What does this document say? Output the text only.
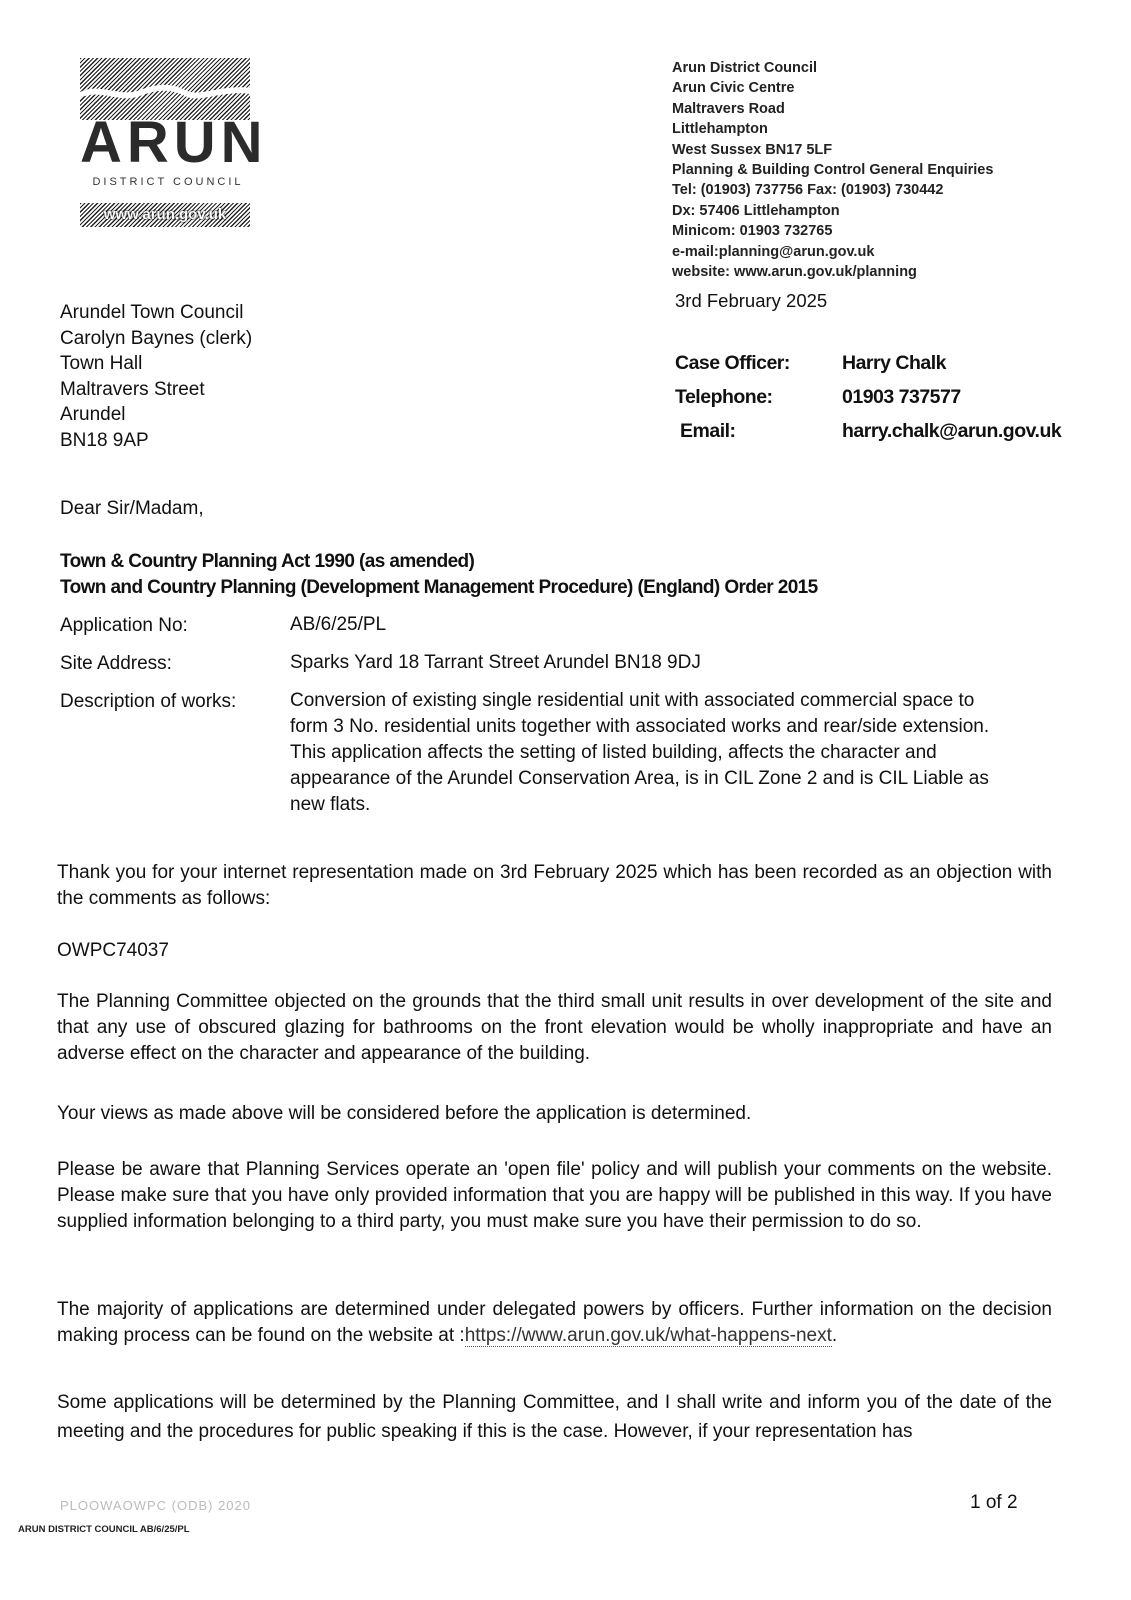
ARUN
DISTRICT COUNCIL
www.arun.gov.uk
Arun District Council
Arun Civic Centre
Maltravers Road
Littlehampton
West Sussex BN17 5LF
Planning & Building Control General Enquiries
Tel: (01903) 737756 Fax: (01903) 730442
Dx: 57406 Littlehampton
Minicom: 01903 732765
e-mail:planning@arun.gov.uk
website: www.arun.gov.uk/planning
3rd February 2025
Arundel Town Council
Carolyn Baynes (clerk)
Town Hall
Maltravers Street
Arundel
BN18 9AP
Case Officer:	Harry Chalk
Telephone:	01903 737577
Email:	harry.chalk@arun.gov.uk
Dear Sir/Madam,
Town & Country Planning Act 1990 (as amended)
Town and Country Planning (Development Management Procedure) (England) Order 2015
Application No:	AB/6/25/PL
Site Address:	Sparks Yard 18 Tarrant Street Arundel BN18 9DJ
Description of works:	Conversion of existing single residential unit with associated commercial space to
form 3 No. residential units together with associated works and rear/side extension.
This application affects the setting of listed building, affects the character and
appearance of the Arundel Conservation Area, is in CIL Zone 2 and is CIL Liable as
new flats.
Thank you for your internet representation made on 3rd February 2025 which has been recorded as an objection with the comments as follows:
OWPC74037
The Planning Committee objected on the grounds that the third small unit results in over development of the site and that any use of obscured glazing for bathrooms on the front elevation would be wholly inappropriate and have an adverse effect on the character and appearance of the building.
Your views as made above will be considered before the application is determined.
Please be aware that Planning Services operate an 'open file' policy and will publish your comments on the website. Please make sure that you have only provided information that you are happy will be published in this way. If you have supplied information belonging to a third party, you must make sure you have their permission to do so.
The majority of applications are determined under delegated powers by officers. Further information on the decision making process can be found on the website at :https://www.arun.gov.uk/what-happens-next.
Some applications will be determined by the Planning Committee, and I shall write and inform you of the date of the meeting and the procedures for public speaking if this is the case. However, if your representation has
PLOOWAOWPC (ODB) 2020
ARUN DISTRICT COUNCIL AB/6/25/PL
1 of 2
